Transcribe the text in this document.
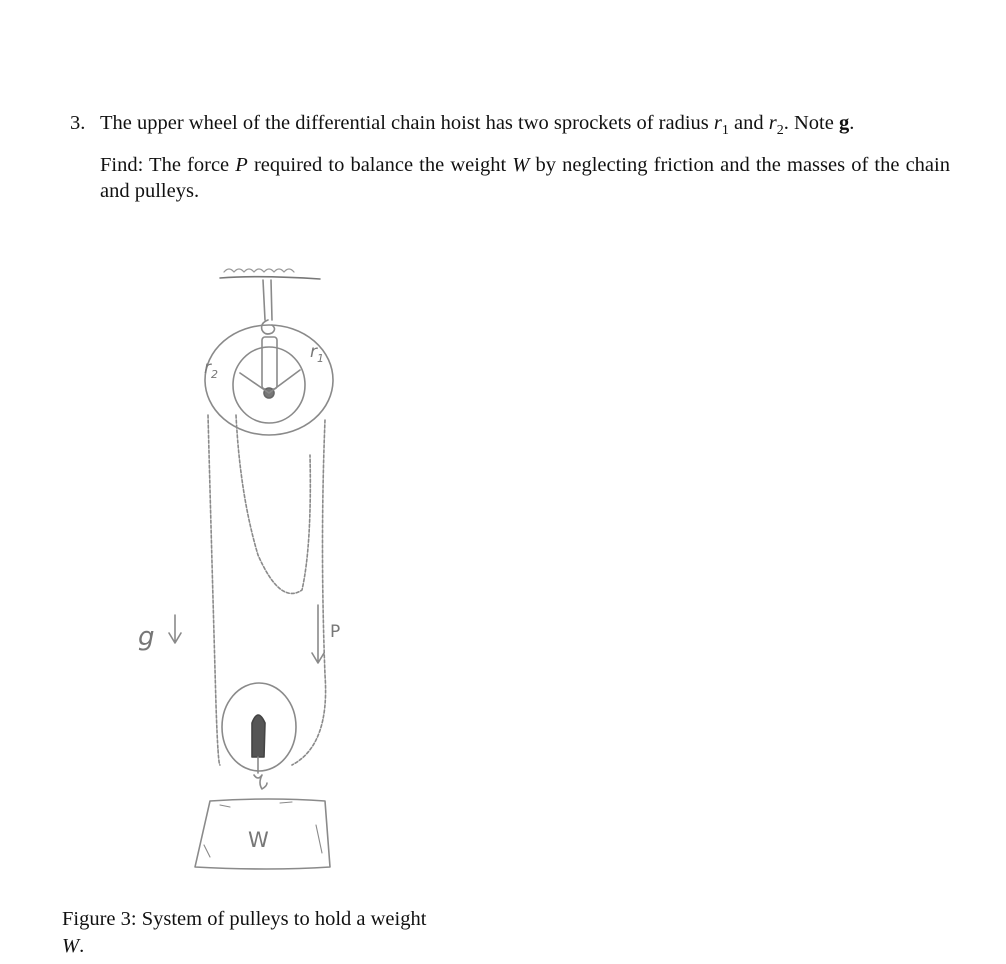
3. The upper wheel of the differential chain hoist has two sprockets of radius $r_1$ and $r_2$. Note g.
Find: The force P required to balance the weight W by neglecting friction and the masses of the chain and pulleys.
$r_1$
$r_2$
g	P
W
Figure 3: System of pulleys to hold a weight W.
